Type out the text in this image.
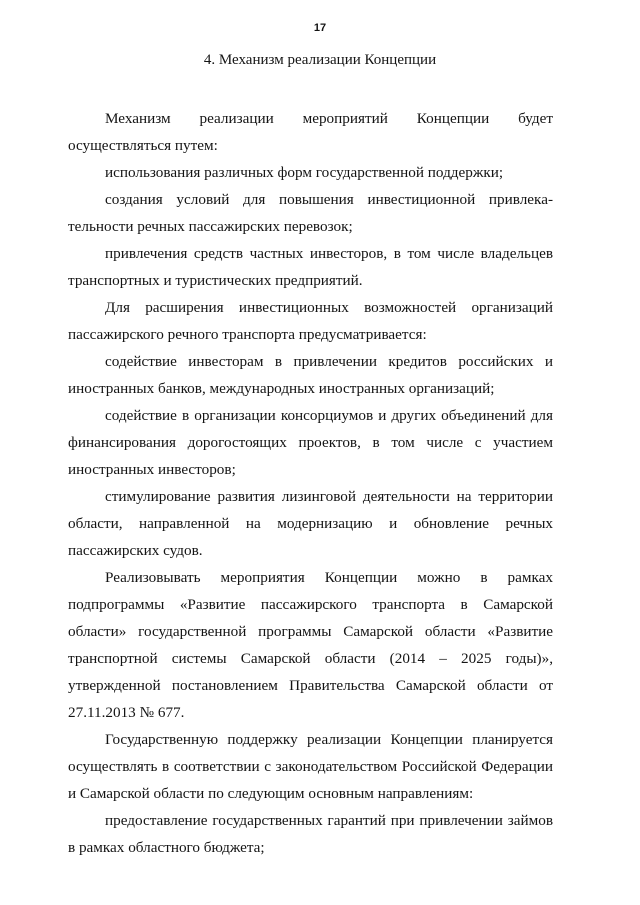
17
4. Механизм реализации Концепции

Механизм реализации мероприятий Концепции будет осуществляться путем:

использования различных форм государственной поддержки;

создания условий для повышения инвестиционной привлекательности речных пассажирских перевозок;

привлечения средств частных инвесторов, в том числе владельцев транспортных и туристических предприятий.

Для расширения инвестиционных возможностей организаций пассажирского речного транспорта предусматривается:

содействие инвесторам в привлечении кредитов российских и иностранных банков, международных иностранных организаций;

содействие в организации консорциумов и других объединений для финансирования дорогостоящих проектов, в том числе с участием иностранных инвесторов;

стимулирование развития лизинговой деятельности на территории области, направленной на модернизацию и обновление речных пассажирских судов.

Реализовывать мероприятия Концепции можно в рамках подпрограммы «Развитие пассажирского транспорта в Самарской области» государственной программы Самарской области «Развитие транспортной системы Самарской области (2014 – 2025 годы)», утвержденной постановлением Правительства Самарской области от 27.11.2013 № 677.

Государственную поддержку реализации Концепции планируется осуществлять в соответствии с законодательством Российской Федерации и Самарской области по следующим основным направлениям:

предоставление государственных гарантий при привлечении займов в рамках областного бюджета;
